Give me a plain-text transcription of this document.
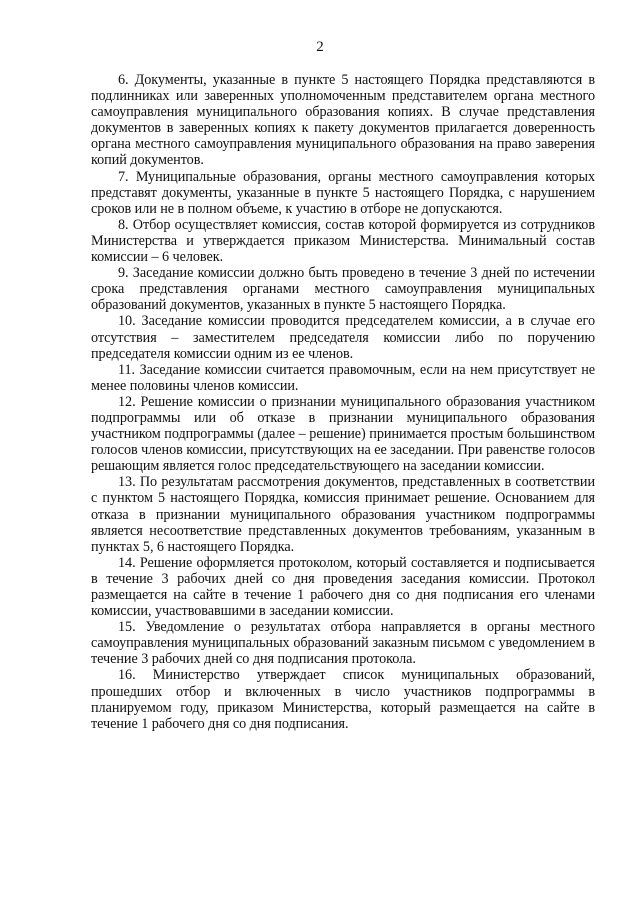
2

6. Документы, указанные в пункте 5 настоящего Порядка представляются в подлинниках или заверенных уполномоченным представителем органа местного самоуправления муниципального образования копиях. В случае представления документов в заверенных копиях к пакету документов прилагается доверенность органа местного самоуправления муниципального образования на право заверения копий документов.

7. Муниципальные образования, органы местного самоуправления которых представят документы, указанные в пункте 5 настоящего Порядка, с нарушением сроков или не в полном объеме, к участию в отборе не допускаются.

8. Отбор осуществляет комиссия, состав которой формируется из сотрудников Министерства и утверждается приказом Министерства. Минимальный состав комиссии – 6 человек.

9. Заседание комиссии должно быть проведено в течение 3 дней по истечении срока представления органами местного самоуправления муниципальных образований документов, указанных в пункте 5 настоящего Порядка.

10. Заседание комиссии проводится председателем комиссии, а в случае его отсутствия – заместителем председателя комиссии либо по поручению председателя комиссии одним из ее членов.

11. Заседание комиссии считается правомочным, если на нем присутствует не менее половины членов комиссии.

12. Решение комиссии о признании муниципального образования участником подпрограммы или об отказе в признании муниципального образования участником подпрограммы (далее – решение) принимается простым большинством голосов членов комиссии, присутствующих на ее заседании. При равенстве голосов решающим является голос председательствующего на заседании комиссии.

13. По результатам рассмотрения документов, представленных в соответствии с пунктом 5 настоящего Порядка, комиссия принимает решение. Основанием для отказа в признании муниципального образования участником подпрограммы является несоответствие представленных документов требованиям, указанным в пунктах 5, 6 настоящего Порядка.

14. Решение оформляется протоколом, который составляется и подписывается в течение 3 рабочих дней со дня проведения заседания комиссии. Протокол размещается на сайте в течение 1 рабочего дня со дня подписания его членами комиссии, участвовавшими в заседании комиссии.

15. Уведомление о результатах отбора направляется в органы местного самоуправления муниципальных образований заказным письмом с уведомлением в течение 3 рабочих дней со дня подписания протокола.

16. Министерство утверждает список муниципальных образований, прошедших отбор и включенных в число участников подпрограммы в планируемом году, приказом Министерства, который размещается на сайте в течение 1 рабочего дня со дня подписания.
